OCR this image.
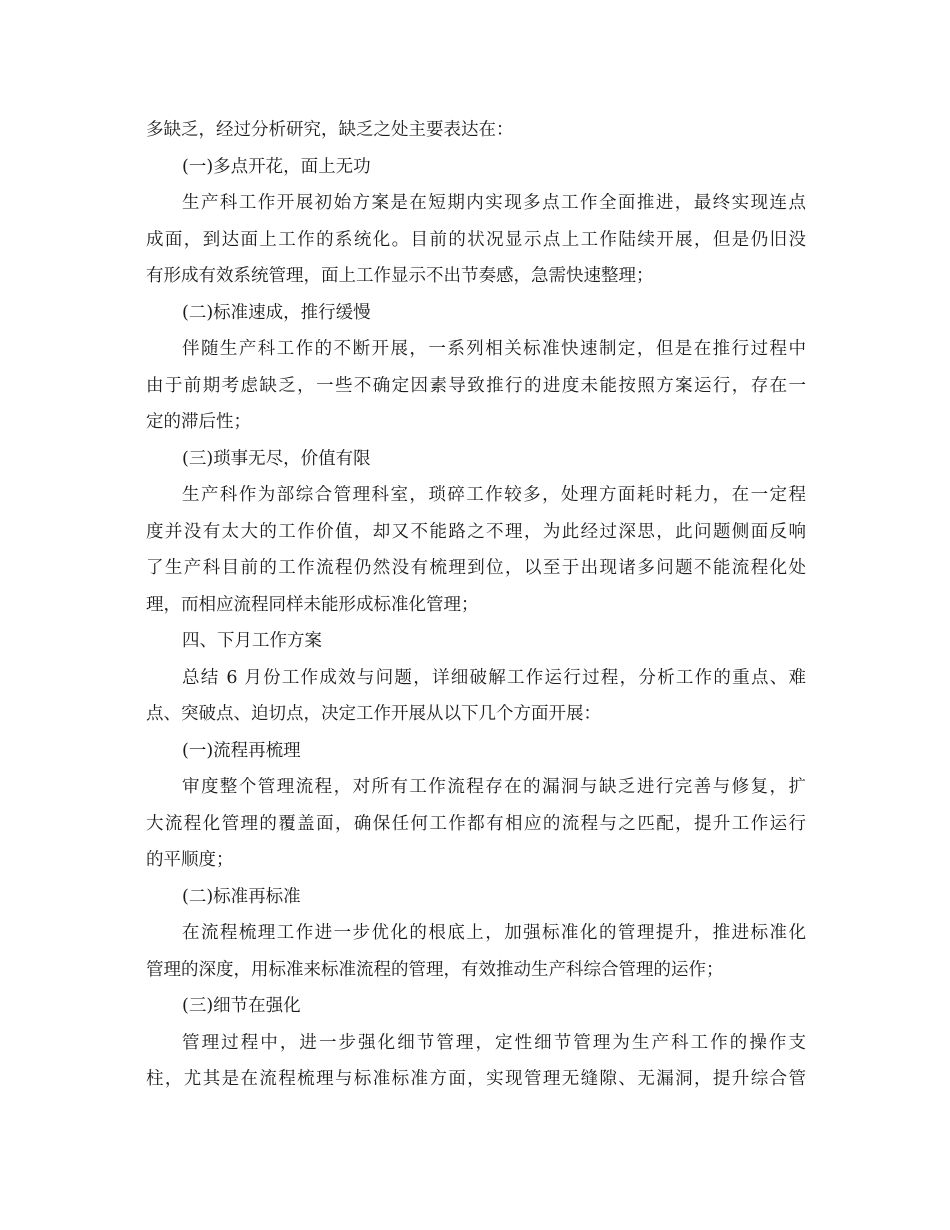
多缺乏，经过分析研究，缺乏之处主要表达在：
(一)多点开花，面上无功
生产科工作开展初始方案是在短期内实现多点工作全面推进，最终实现连点
成面，到达面上工作的系统化。目前的状况显示点上工作陆续开展，但是仍旧没
有形成有效系统管理，面上工作显示不出节奏感，急需快速整理；
(二)标准速成，推行缓慢
伴随生产科工作的不断开展，一系列相关标准快速制定，但是在推行过程中
由于前期考虑缺乏，一些不确定因素导致推行的进度未能按照方案运行，存在一
定的滞后性；
(三)琐事无尽，价值有限
生产科作为部综合管理科室，琐碎工作较多，处理方面耗时耗力，在一定程
度并没有太大的工作价值，却又不能路之不理，为此经过深思，此问题侧面反响
了生产科目前的工作流程仍然没有梳理到位，以至于出现诸多问题不能流程化处
理，而相应流程同样未能形成标准化管理；
四、下月工作方案
总结 6 月份工作成效与问题，详细破解工作运行过程，分析工作的重点、难
点、突破点、迫切点，决定工作开展从以下几个方面开展：
(一)流程再梳理
审度整个管理流程，对所有工作流程存在的漏洞与缺乏进行完善与修复，扩
大流程化管理的覆盖面，确保任何工作都有相应的流程与之匹配，提升工作运行
的平顺度；
(二)标准再标准
在流程梳理工作进一步优化的根底上，加强标准化的管理提升，推进标准化
管理的深度，用标准来标准流程的管理，有效推动生产科综合管理的运作；
(三)细节在强化
管理过程中，进一步强化细节管理，定性细节管理为生产科工作的操作支
柱，尤其是在流程梳理与标准标准方面，实现管理无缝隙、无漏洞，提升综合管
